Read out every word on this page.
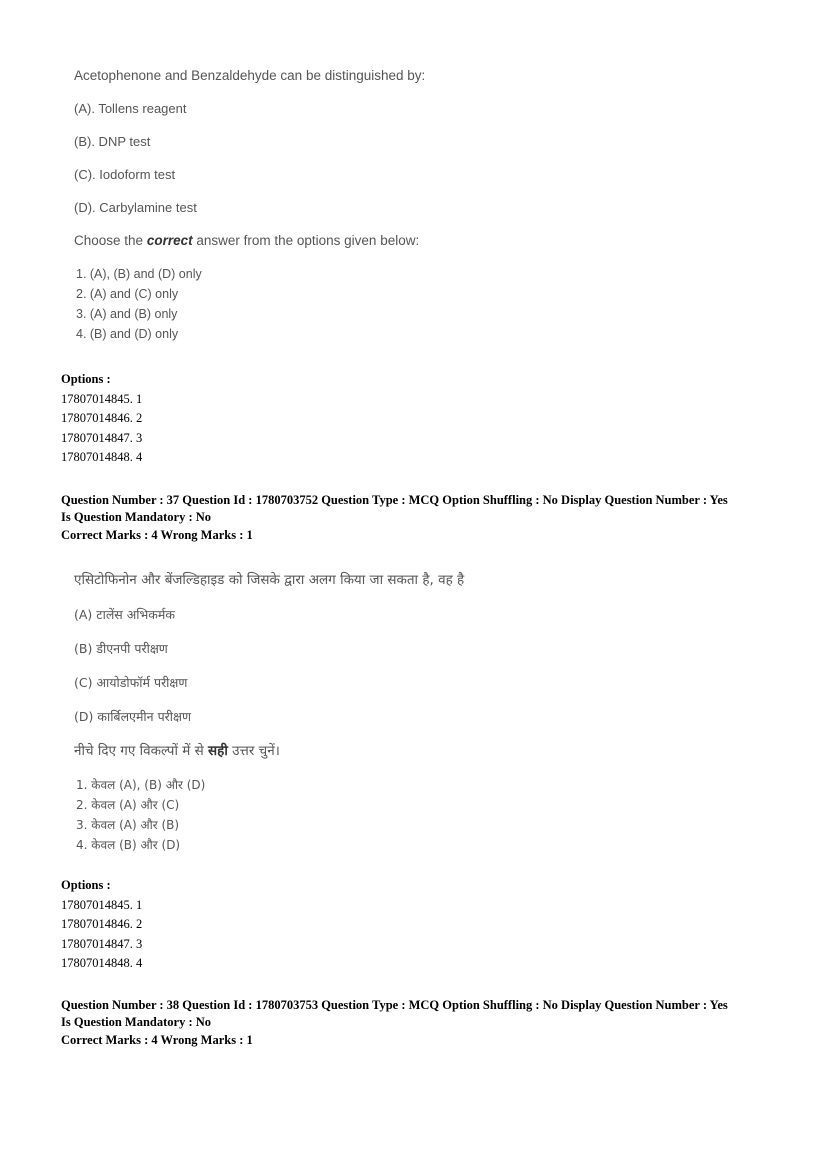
Acetophenone and Benzaldehyde can be distinguished by:

(A). Tollens reagent

(B). DNP test

(C). Iodoform test

(D). Carbylamine test

Choose the correct answer from the options given below:

1. (A), (B) and (D) only
2. (A) and (C) only
3. (A) and (B) only
4. (B) and (D) only
Options :
17807014845. 1
17807014846. 2
17807014847. 3
17807014848. 4
Question Number : 37 Question Id : 1780703752 Question Type : MCQ Option Shuffling : No Display Question Number : Yes
Is Question Mandatory : No
Correct Marks : 4 Wrong Marks : 1

एसिटोफिनोन और बेंजल्डिहाइड को जिसके द्वारा अलग किया जा सकता है, वह है

(A) टालेंस अभिकर्मक

(B) डीएनपी परीक्षण

(C) आयोडोफॉर्म परीक्षण

(D) कार्बिलएमीन परीक्षण

नीचे दिए गए विकल्पों में से सही उत्तर चुनें।

1. केवल (A), (B) और (D)
2. केवल (A) और (C)
3. केवल (A) और (B)
4. केवल (B) और (D)
Options :
17807014845. 1
17807014846. 2
17807014847. 3
17807014848. 4
Question Number : 38 Question Id : 1780703753 Question Type : MCQ Option Shuffling : No Display Question Number : Yes
Is Question Mandatory : No
Correct Marks : 4 Wrong Marks : 1
